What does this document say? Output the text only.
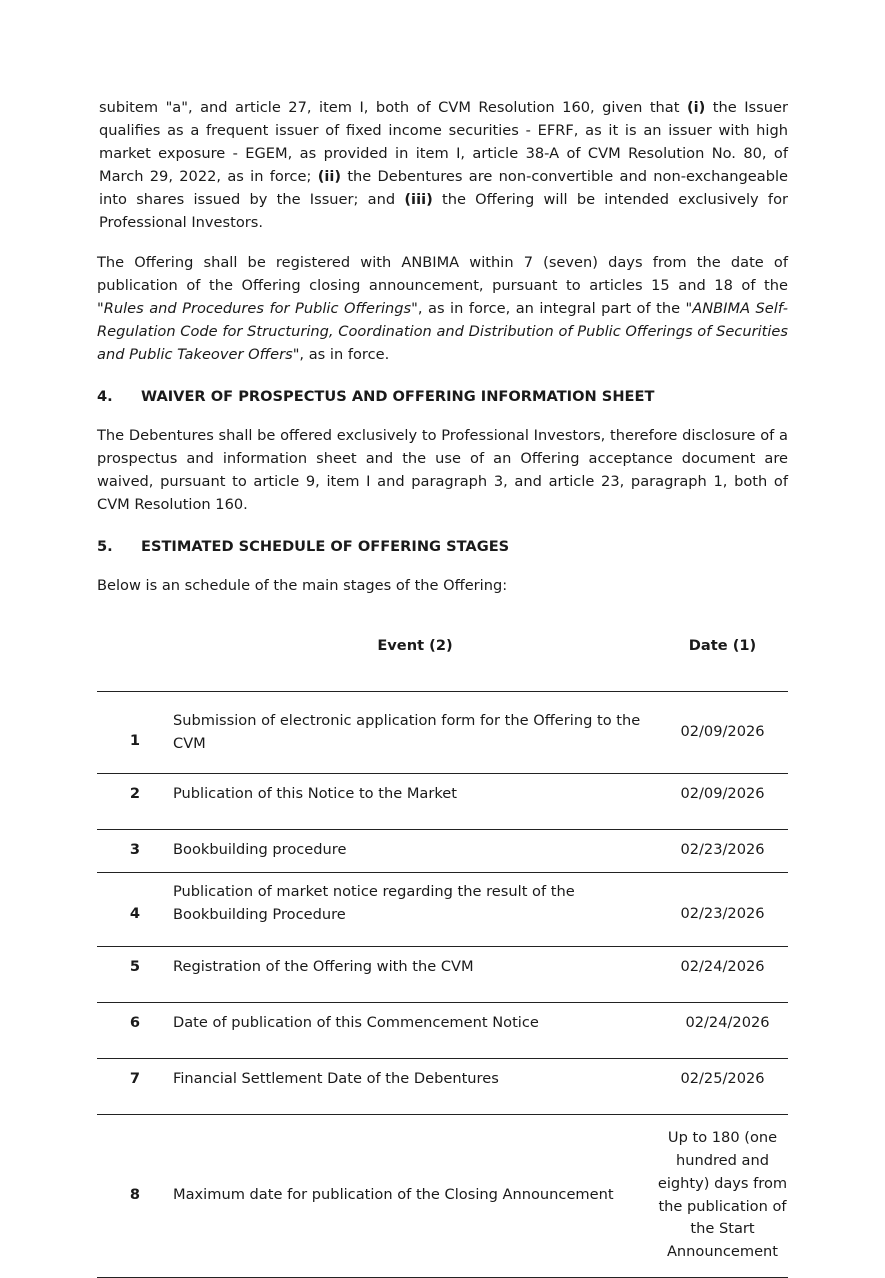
subitem "a", and article 27, item I, both of CVM Resolution 160, given that (i) the Issuer qualifies as a frequent issuer of fixed income securities - EFRF, as it is an issuer with high market exposure - EGEM, as provided in item I, article 38-A of CVM Resolution No. 80, of March 29, 2022, as in force; (ii) the Debentures are non-convertible and non-exchangeable into shares issued by the Issuer; and (iii) the Offering will be intended exclusively for Professional Investors.

The Offering shall be registered with ANBIMA within 7 (seven) days from the date of publication of the Offering closing announcement, pursuant to articles 15 and 18 of the "Rules and Procedures for Public Offerings", as in force, an integral part of the "ANBIMA Self-Regulation Code for Structuring, Coordination and Distribution of Public Offerings of Securities and Public Takeover Offers", as in force.

4.	WAIVER OF PROSPECTUS AND OFFERING INFORMATION SHEET

The Debentures shall be offered exclusively to Professional Investors, therefore disclosure of a prospectus and information sheet and the use of an Offering acceptance document are waived, pursuant to article 9, item I and paragraph 3, and article 23, paragraph 1, both of CVM Resolution 160.

5.	ESTIMATED SCHEDULE OF OFFERING STAGES

Below is an schedule of the main stages of the Offering:

	Event (2)	Date (1)
1	Submission of electronic application form for the Offering to the CVM	02/09/2026
2	Publication of this Notice to the Market	02/09/2026
3	Bookbuilding procedure	02/23/2026
4	Publication of market notice regarding the result of the Bookbuilding Procedure	02/23/2026
5	Registration of the Offering with the CVM	02/24/2026
6	Date of publication of this Commencement Notice	02/24/2026
7	Financial Settlement Date of the Debentures	02/25/2026
8	Maximum date for publication of the Closing Announcement	Up to 180 (one hundred and eighty) days from the publication of the Start Announcement
